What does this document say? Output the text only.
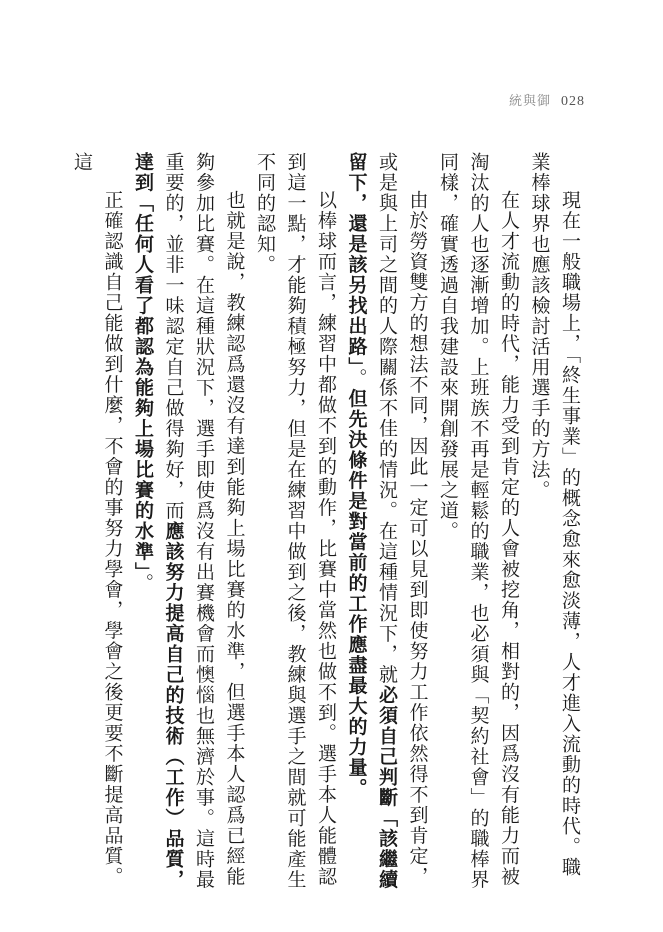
統與御 028

現在一般職場上，「終生事業」的概念愈來愈淡薄，人才進入流動的時代。職業棒球界也應該檢討活用選手的方法。

在人才流動的時代，能力受到肯定的人會被挖角，相對的，因爲沒有能力而被淘汰的人也逐漸增加。上班族不再是輕鬆的職業，也必須與「契約社會」的職棒界同樣，確實透過自我建設來開創發展之道。

由於勞資雙方的想法不同，因此一定可以見到即使努力工作依然得不到肯定，或是與上司之間的人際關係不佳的情況。在這種情況下，就必須自己判斷「該繼續留下，還是該另找出路」。但先決條件是對當前的工作應盡最大的力量。

以棒球而言，練習中都做不到的動作，比賽中當然也做不到。選手本人能體認到這一點，才能夠積極努力，但是在練習中做到之後，教練與選手之間就可能產生不同的認知。

也就是說，教練認爲還沒有達到能夠上場比賽的水準，但選手本人認爲已經能夠參加比賽。在這種狀況下，選手即使爲沒有出賽機會而懊惱也無濟於事。這時最重要的，並非一味認定自己做得夠好，而應該努力提高自己的技術（工作）品質，達到「任何人看了都認為能夠上場比賽的水準」。

正確認識自己能做到什麼，不會的事努力學會，學會之後更要不斷提高品質。這
